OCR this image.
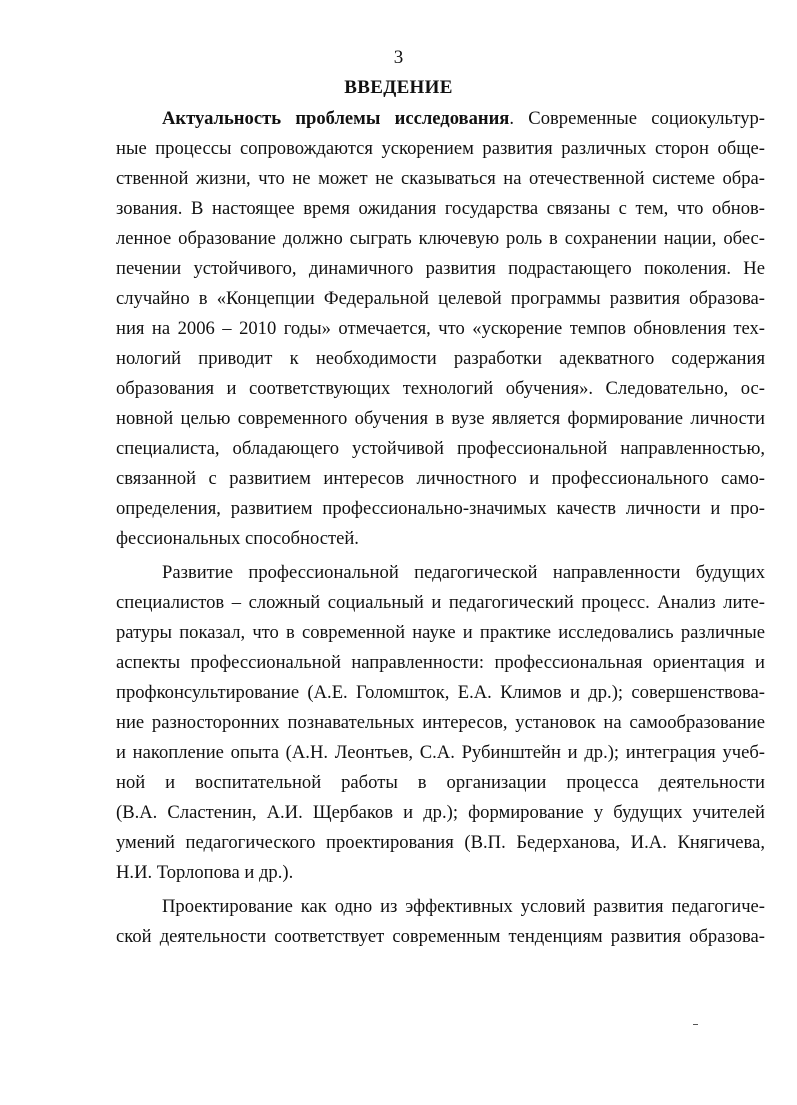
3
ВВЕДЕНИЕ
Актуальность проблемы исследования. Современные социокультур-
ные процессы сопровождаются ускорением развития различных сторон обще-
ственной жизни, что не может не сказываться на отечественной системе обра-
зования. В настоящее время ожидания государства связаны с тем, что обнов-
ленное образование должно сыграть ключевую роль в сохранении нации, обес-
печении устойчивого, динамичного развития подрастающего поколения. Не
случайно в «Концепции Федеральной целевой программы развития образова-
ния на 2006 – 2010 годы» отмечается, что «ускорение темпов обновления тех-
нологий приводит к необходимости разработки адекватного содержания
образования и соответствующих технологий обучения». Следовательно, ос-
новной целью современного обучения в вузе является формирование личности
специалиста, обладающего устойчивой профессиональной направленностью,
связанной с развитием интересов личностного и профессионального само-
определения, развитием профессионально-значимых качеств личности и про-
фессиональных способностей.
Развитие профессиональной педагогической направленности будущих
специалистов – сложный социальный и педагогический процесс. Анализ лите-
ратуры показал, что в современной науке и практике исследовались различные
аспекты профессиональной направленности: профессиональная ориентация и
профконсультирование (А.Е. Голомшток, Е.А. Климов и др.); совершенствова-
ние разносторонних познавательных интересов, установок на самообразование
и накопление опыта (А.Н. Леонтьев, С.А. Рубинштейн и др.); интеграция учеб-
ной и воспитательной работы в организации процесса деятельности
(В.А. Сластенин, А.И. Щербаков и др.); формирование у будущих учителей
умений педагогического проектирования (В.П. Бедерханова, И.А. Княгичева,
Н.И. Торлопова и др.).
Проектирование как одно из эффективных условий развития педагогиче-
ской деятельности соответствует современным тенденциям развития образова-
